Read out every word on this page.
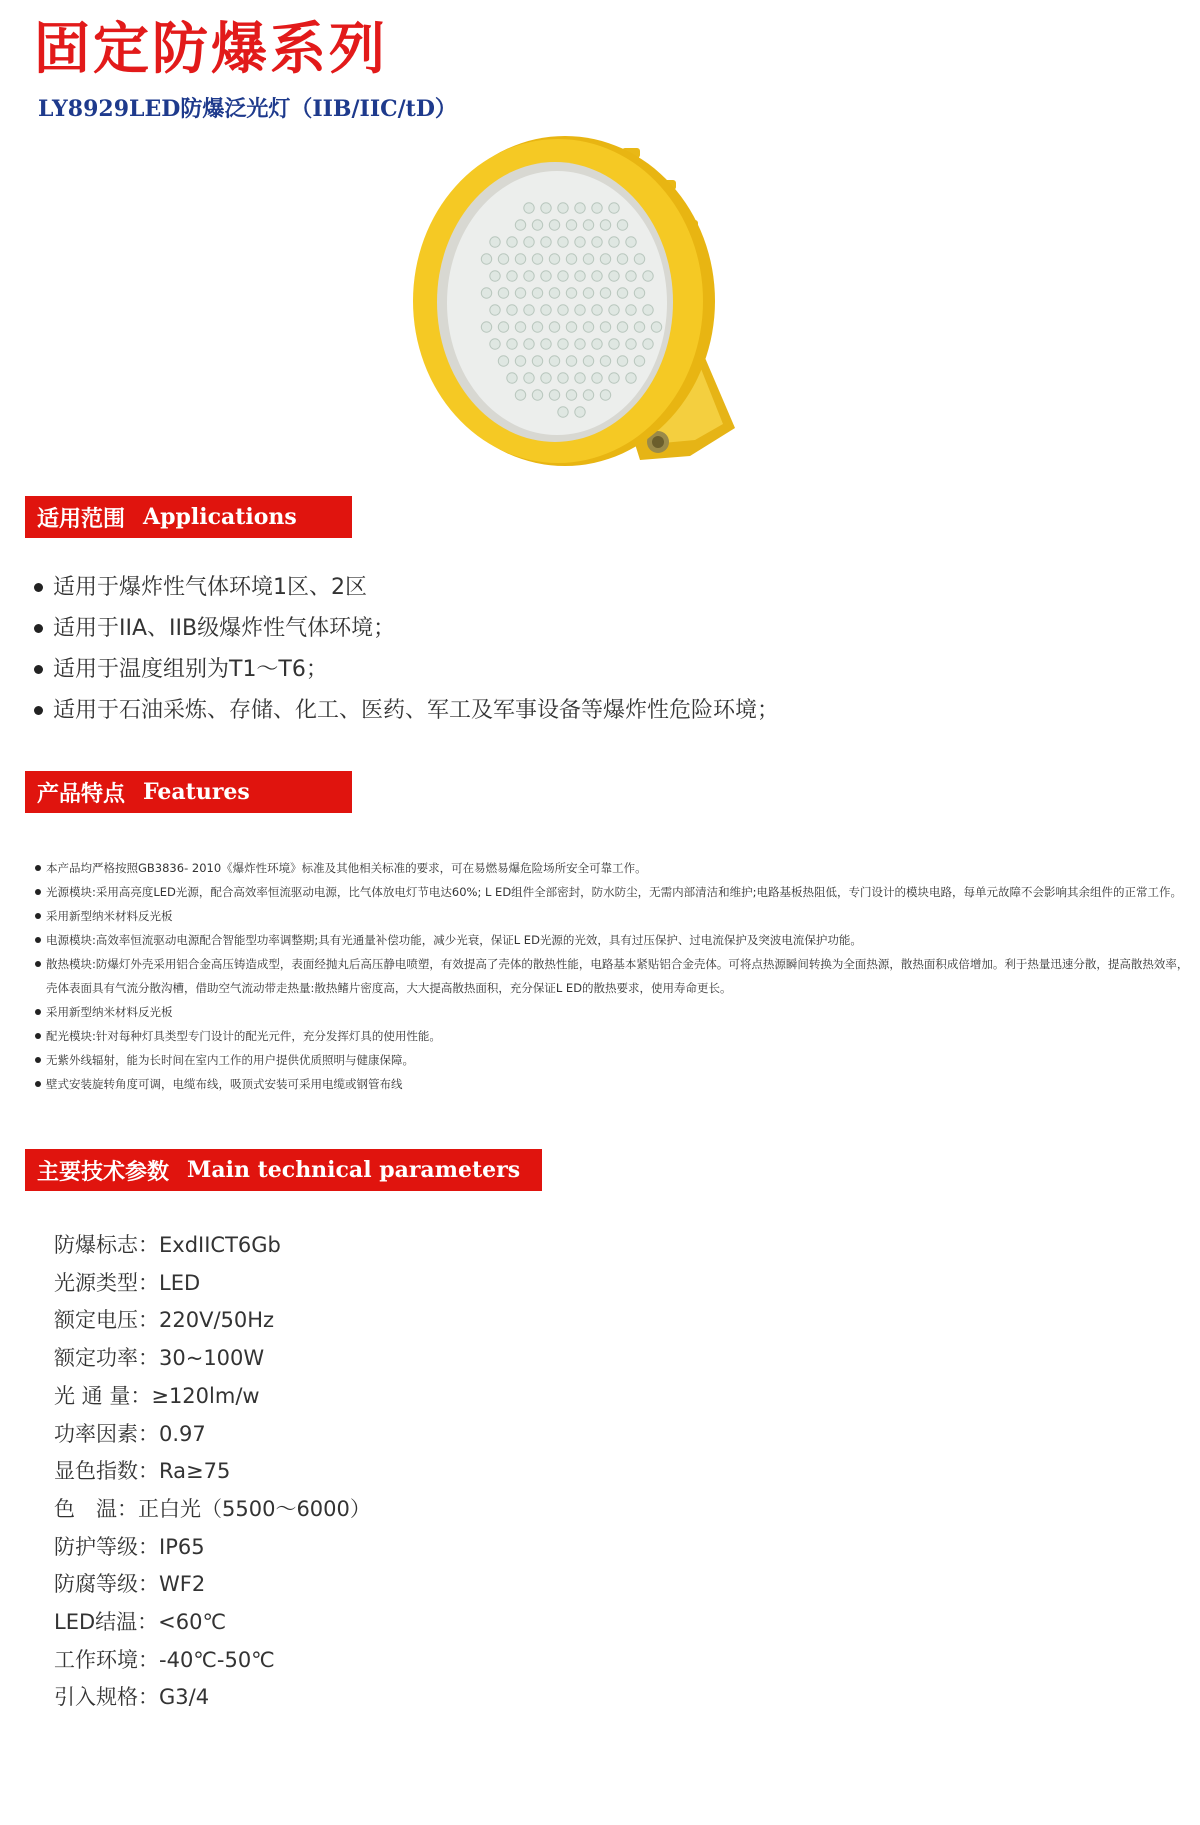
固定防爆系列
LY8929LED防爆泛光灯（IIB/IIC/tD）
适用范围 Applications
适用于爆炸性气体环境1区、2区
适用于IIA、IIB级爆炸性气体环境；
适用于温度组别为T1～T6；
适用于石油采炼、存储、化工、医药、军工及军事设备等爆炸性危险环境；
产品特点 Features
本产品均严格按照GB3836- 2010《爆炸性环境》标准及其他相关标准的要求，可在易燃易爆危险场所安全可靠工作。
光源模块:采用高亮度LED光源，配合高效率恒流驱动电源，比气体放电灯节电达60%; L ED组件全部密封，防水防尘，无需内部清洁和维护;电路基板热阻低，专门设计的模块电路，每单元故障不会影响其余组件的正常工作。
采用新型纳米材料反光板
电源模块:高效率恒流驱动电源配合智能型功率调整期;具有光通量补偿功能，减少光衰，保证L ED光源的光效，具有过压保护、过电流保护及突波电流保护功能。
散热模块:防爆灯外壳采用铝合金高压铸造成型，表面经抛丸后高压静电喷塑，有效提高了壳体的散热性能，电路基本紧贴铝合金壳体。可将点热源瞬间转换为全面热源，散热面积成倍增加。利于热量迅速分散，提高散热效率，壳体表面具有气流分散沟槽，借助空气流动带走热量:散热鳍片密度高，大大提高散热面积，充分保证L ED的散热要求，使用寿命更长。
采用新型纳米材料反光板
配光模块:针对每种灯具类型专门设计的配光元件，充分发挥灯具的使用性能。
无紫外线辐射，能为长时间在室内工作的用户提供优质照明与健康保障。
壁式安装旋转角度可调，电缆布线，吸顶式安装可采用电缆或钢管布线
主要技术参数 Main technical parameters
防爆标志：ExdIICT6Gb
光源类型：LED
额定电压：220V/50Hz
额定功率：30~100W
光 通 量：≥120lm/w
功率因素：0.97
显色指数：Ra≥75
色　温：正白光（5500～6000）
防护等级：IP65
防腐等级：WF2
LED结温：<60℃
工作环境：-40℃-50℃
引入规格：G3/4
